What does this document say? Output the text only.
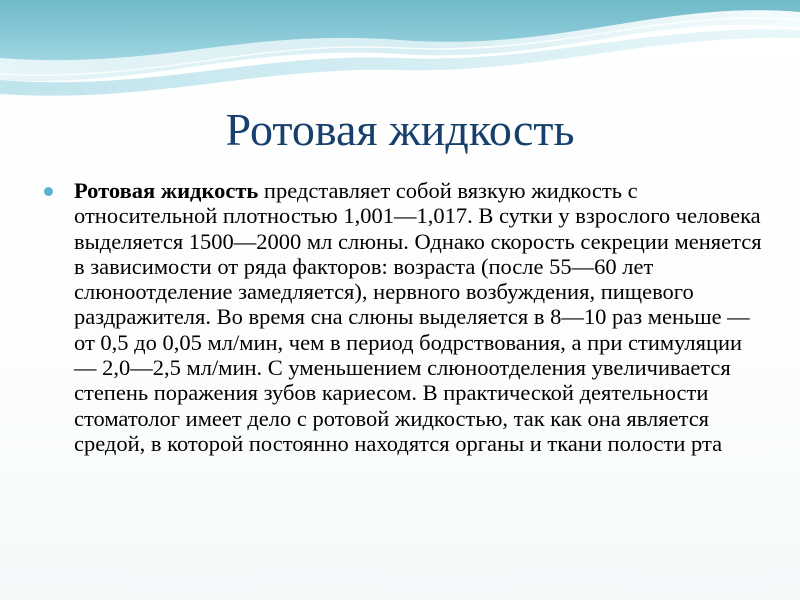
Ротовая жидкость

Ротовая жидкость представляет собой вязкую жидкость с относительной плотностью 1,001—1,017. В сутки у взрослого человека выделяется 1500—2000 мл слюны. Однако скорость секреции меняется в зависимости от ряда факторов: возраста (после 55—60 лет слюноотделение замедляется), нервного возбуждения, пищевого раздражителя. Во время сна слюны выделяется в 8—10 раз меньше — от 0,5 до 0,05 мл/мин, чем в период бодрствования, а при стимуляции — 2,0—2,5 мл/мин. С уменьшением слюноотделения увеличивается степень поражения зубов кариесом. В практической деятельности стоматолог имеет дело с ротовой жидкостью, так как она является средой, в которой постоянно находятся органы и ткани полости рта
